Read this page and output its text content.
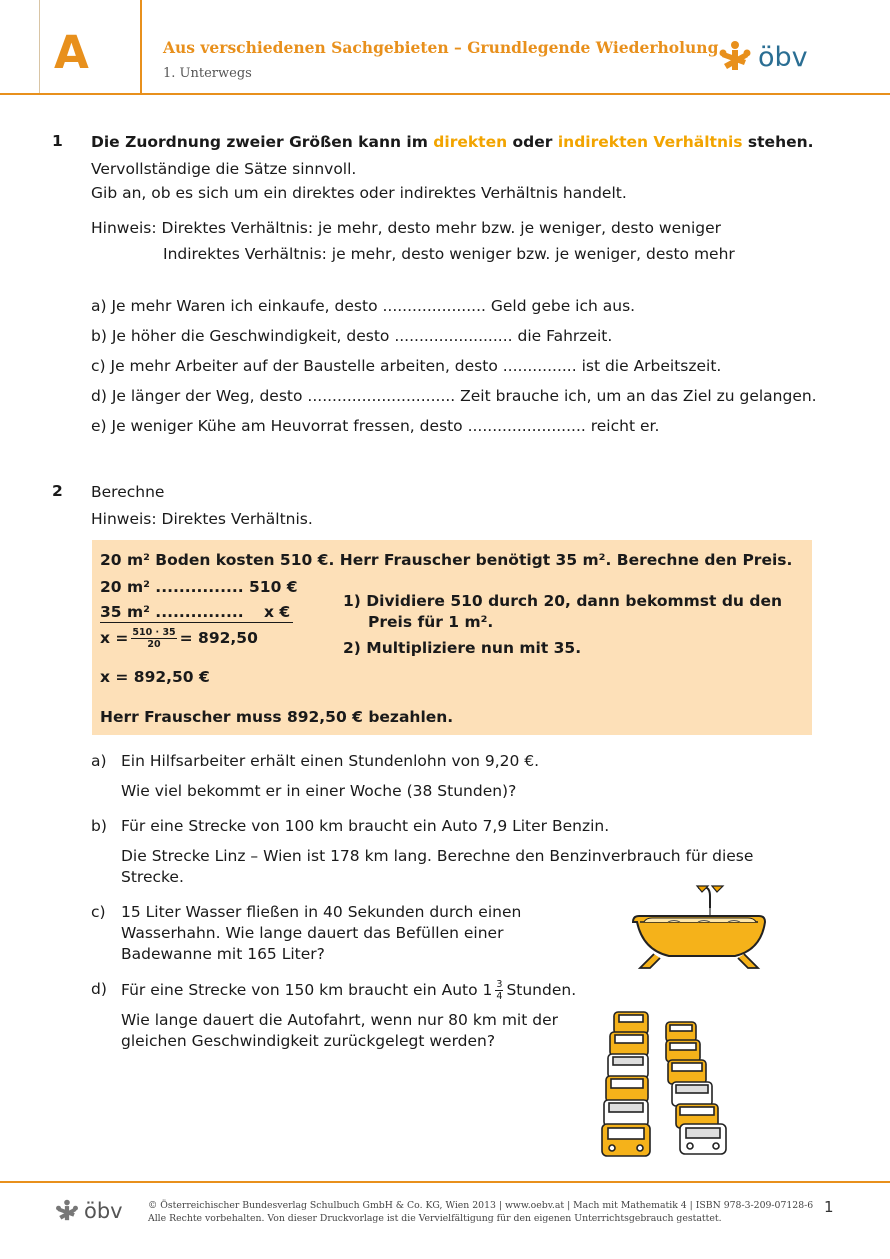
A	Aus verschiedenen Sachgebieten – Grundlegende Wiederholung
1. Unterwegs
öbv
1 Die Zuordnung zweier Größen kann im direkten oder indirekten Verhältnis stehen.
Vervollständige die Sätze sinnvoll.
Gib an, ob es sich um ein direktes oder indirektes Verhältnis handelt.
Hinweis: Direktes Verhältnis: je mehr, desto mehr bzw. je weniger, desto weniger
Indirektes Verhältnis: je mehr, desto weniger bzw. je weniger, desto mehr
a) Je mehr Waren ich einkaufe, desto ..................... Geld gebe ich aus.
b) Je höher die Geschwindigkeit, desto ........................ die Fahrzeit.
c) Je mehr Arbeiter auf der Baustelle arbeiten, desto ............... ist die Arbeitszeit.
d) Je länger der Weg, desto .............................. Zeit brauche ich, um an das Ziel zu gelangen.
e) Je weniger Kühe am Heuvorrat fressen, desto ........................ reicht er.
2 Berechne
Hinweis: Direktes Verhältnis.
20 m² Boden kosten 510 €. Herr Frauscher benötigt 35 m². Berechne den Preis.
20 m² ............... 510 €
35 m² ............... x €
$x = \frac{510 \cdot 35}{20} = 892,50$
x = 892,50 €
1) Dividiere 510 durch 20, dann bekommst du den
Preis für 1 m².
2) Multipliziere nun mit 35.
Herr Frauscher muss 892,50 € bezahlen.
a) Ein Hilfsarbeiter erhält einen Stundenlohn von 9,20 €.
Wie viel bekommt er in einer Woche (38 Stunden)?
b) Für eine Strecke von 100 km braucht ein Auto 7,9 Liter Benzin.
Die Strecke Linz – Wien ist 178 km lang. Berechne den Benzinverbrauch für diese
Strecke.
c) 15 Liter Wasser fließen in 40 Sekunden durch einen
Wasserhahn. Wie lange dauert das Befüllen einer
Badewanne mit 165 Liter?
d) Für eine Strecke von 150 km braucht ein Auto $1 \frac{3}{4}$ Stunden.
Wie lange dauert die Autofahrt, wenn nur 80 km mit der
gleichen Geschwindigkeit zurückgelegt werden?
öbv	© Österreichischer Bundesverlag Schulbuch GmbH & Co. KG, Wien 2013 | www.oebv.at | Mach mit Mathematik 4 | ISBN 978-3-209-07128-6
Alle Rechte vorbehalten. Von dieser Druckvorlage ist die Vervielfältigung für den eigenen Unterrichtsgebrauch gestattet.
1
